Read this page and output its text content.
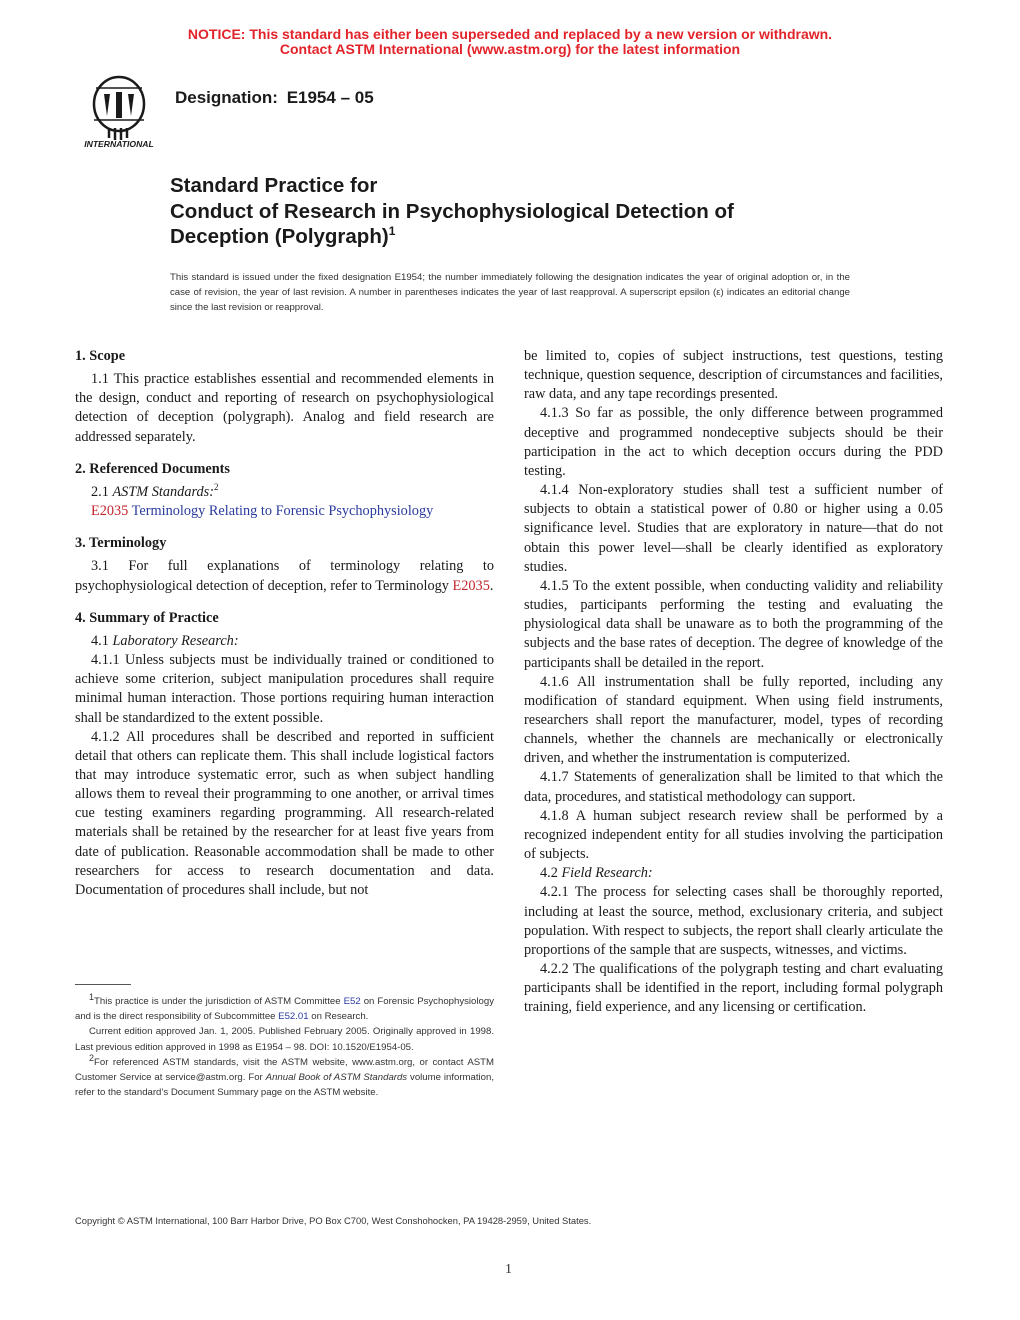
NOTICE: This standard has either been superseded and replaced by a new version or withdrawn.
Contact ASTM International (www.astm.org) for the latest information
INTERNATIONAL
Designation: E1954 – 05
Standard Practice for
Conduct of Research in Psychophysiological Detection of
Deception (Polygraph)$^1$
This standard is issued under the fixed designation E1954; the number immediately following the designation indicates the year of original adoption or, in the case of revision, the year of last revision. A number in parentheses indicates the year of last reapproval. A superscript epsilon (ε) indicates an editorial change since the last revision or reapproval.
1. Scope

1.1 This practice establishes essential and recommended elements in the design, conduct and reporting of research on psychophysiological detection of deception (polygraph). Analog and field research are addressed separately.

2. Referenced Documents

2.1 ASTM Standards:$^2$

E2035 Terminology Relating to Forensic Psychophysiology

3. Terminology

3.1 For full explanations of terminology relating to psychophysiological detection of deception, refer to Terminology E2035.

4. Summary of Practice

4.1 Laboratory Research:

4.1.1 Unless subjects must be individually trained or conditioned to achieve some criterion, subject manipulation procedures shall require minimal human interaction. Those portions requiring human interaction shall be standardized to the extent possible.

4.1.2 All procedures shall be described and reported in sufficient detail that others can replicate them. This shall include logistical factors that may introduce systematic error, such as when subject handling allows them to reveal their programming to one another, or arrival times cue testing examiners regarding programming. All research-related materials shall be retained by the researcher for at least five years from date of publication. Reasonable accommodation shall be made to other researchers for access to research documentation and data. Documentation of procedures shall include, but not

be limited to, copies of subject instructions, test questions, testing technique, question sequence, description of circumstances and facilities, raw data, and any tape recordings presented.

4.1.3 So far as possible, the only difference between programmed deceptive and programmed nondeceptive subjects should be their participation in the act to which deception occurs during the PDD testing.

4.1.4 Non-exploratory studies shall test a sufficient number of subjects to obtain a statistical power of 0.80 or higher using a 0.05 significance level. Studies that are exploratory in nature—that do not obtain this power level—shall be clearly identified as exploratory studies.

4.1.5 To the extent possible, when conducting validity and reliability studies, participants performing the testing and evaluating the physiological data shall be unaware as to both the programming of the subjects and the base rates of deception. The degree of knowledge of the participants shall be detailed in the report.

4.1.6 All instrumentation shall be fully reported, including any modification of standard equipment. When using field instruments, researchers shall report the manufacturer, model, types of recording channels, whether the channels are mechanically or electronically driven, and whether the instrumentation is computerized.

4.1.7 Statements of generalization shall be limited to that which the data, procedures, and statistical methodology can support.

4.1.8 A human subject research review shall be performed by a recognized independent entity for all studies involving the participation of subjects.

4.2 Field Research:

4.2.1 The process for selecting cases shall be thoroughly reported, including at least the source, method, exclusionary criteria, and subject population. With respect to subjects, the report shall clearly articulate the proportions of the sample that are suspects, witnesses, and victims.

4.2.2 The qualifications of the polygraph testing and chart evaluating participants shall be identified in the report, including formal polygraph training, field experience, and any licensing or certification.

$^1$This practice is under the jurisdiction of ASTM Committee E52 on Forensic Psychophysiology and is the direct responsibility of Subcommittee E52.01 on Research.

Current edition approved Jan. 1, 2005. Published February 2005. Originally approved in 1998. Last previous edition approved in 1998 as E1954 – 98. DOI: 10.1520/E1954-05.

$^2$For referenced ASTM standards, visit the ASTM website, www.astm.org, or contact ASTM Customer Service at service@astm.org. For Annual Book of ASTM Standards volume information, refer to the standard’s Document Summary page on the ASTM website.

Copyright © ASTM International, 100 Barr Harbor Drive, PO Box C700, West Conshohocken, PA 19428-2959, United States.
1
